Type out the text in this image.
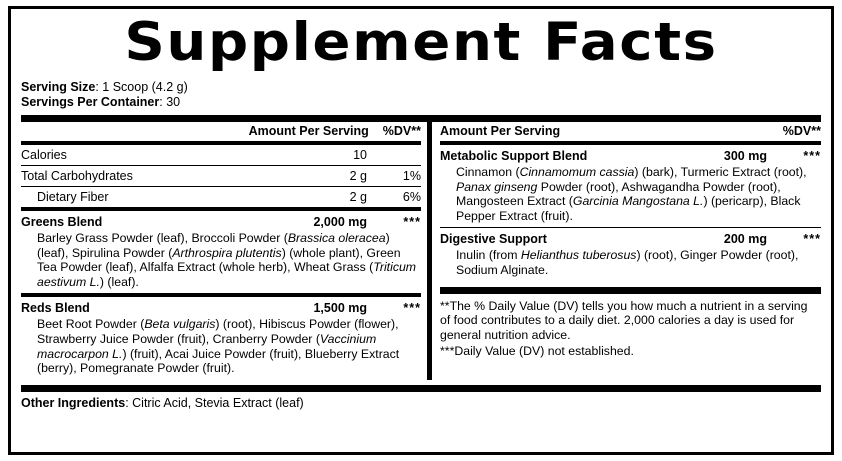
Supplement Facts
Serving Size: 1 Scoop (4.2 g)
Servings Per Container: 30
Amount Per Serving %DV**
Calories	10
Total Carbohydrates	2 g	1%
Dietary Fiber	2 g	6%
Greens Blend	2,000 mg	***
Barley Grass Powder (leaf), Broccoli Powder (Brassica oleracea) (leaf), Spirulina Powder (Arthrospira plutentis) (whole plant), Green Tea Powder (leaf), Alfalfa Extract (whole herb), Wheat Grass (Triticum aestivum L.) (leaf).
Reds Blend	1,500 mg	***
Beet Root Powder (Beta vulgaris) (root), Hibiscus Powder (flower), Strawberry Juice Powder (fruit), Cranberry Powder (Vaccinium macrocarpon L.) (fruit), Acai Juice Powder (fruit), Blueberry Extract (berry), Pomegranate Powder (fruit).
Amount Per Serving	%DV**
Metabolic Support Blend	300 mg	***
Cinnamon (Cinnamomum cassia) (bark), Turmeric Extract (root), Panax ginseng Powder (root), Ashwagandha Powder (root), Mangosteen Extract (Garcinia Mangostana L.) (pericarp), Black Pepper Extract (fruit).
Digestive Support	200 mg	***
Inulin (from Helianthus tuberosus) (root), Ginger Powder (root), Sodium Alginate.
**The % Daily Value (DV) tells you how much a nutrient in a serving of food contributes to a daily diet. 2,000 calories a day is used for general nutrition advice.
***Daily Value (DV) not established.
Other Ingredients: Citric Acid, Stevia Extract (leaf)
